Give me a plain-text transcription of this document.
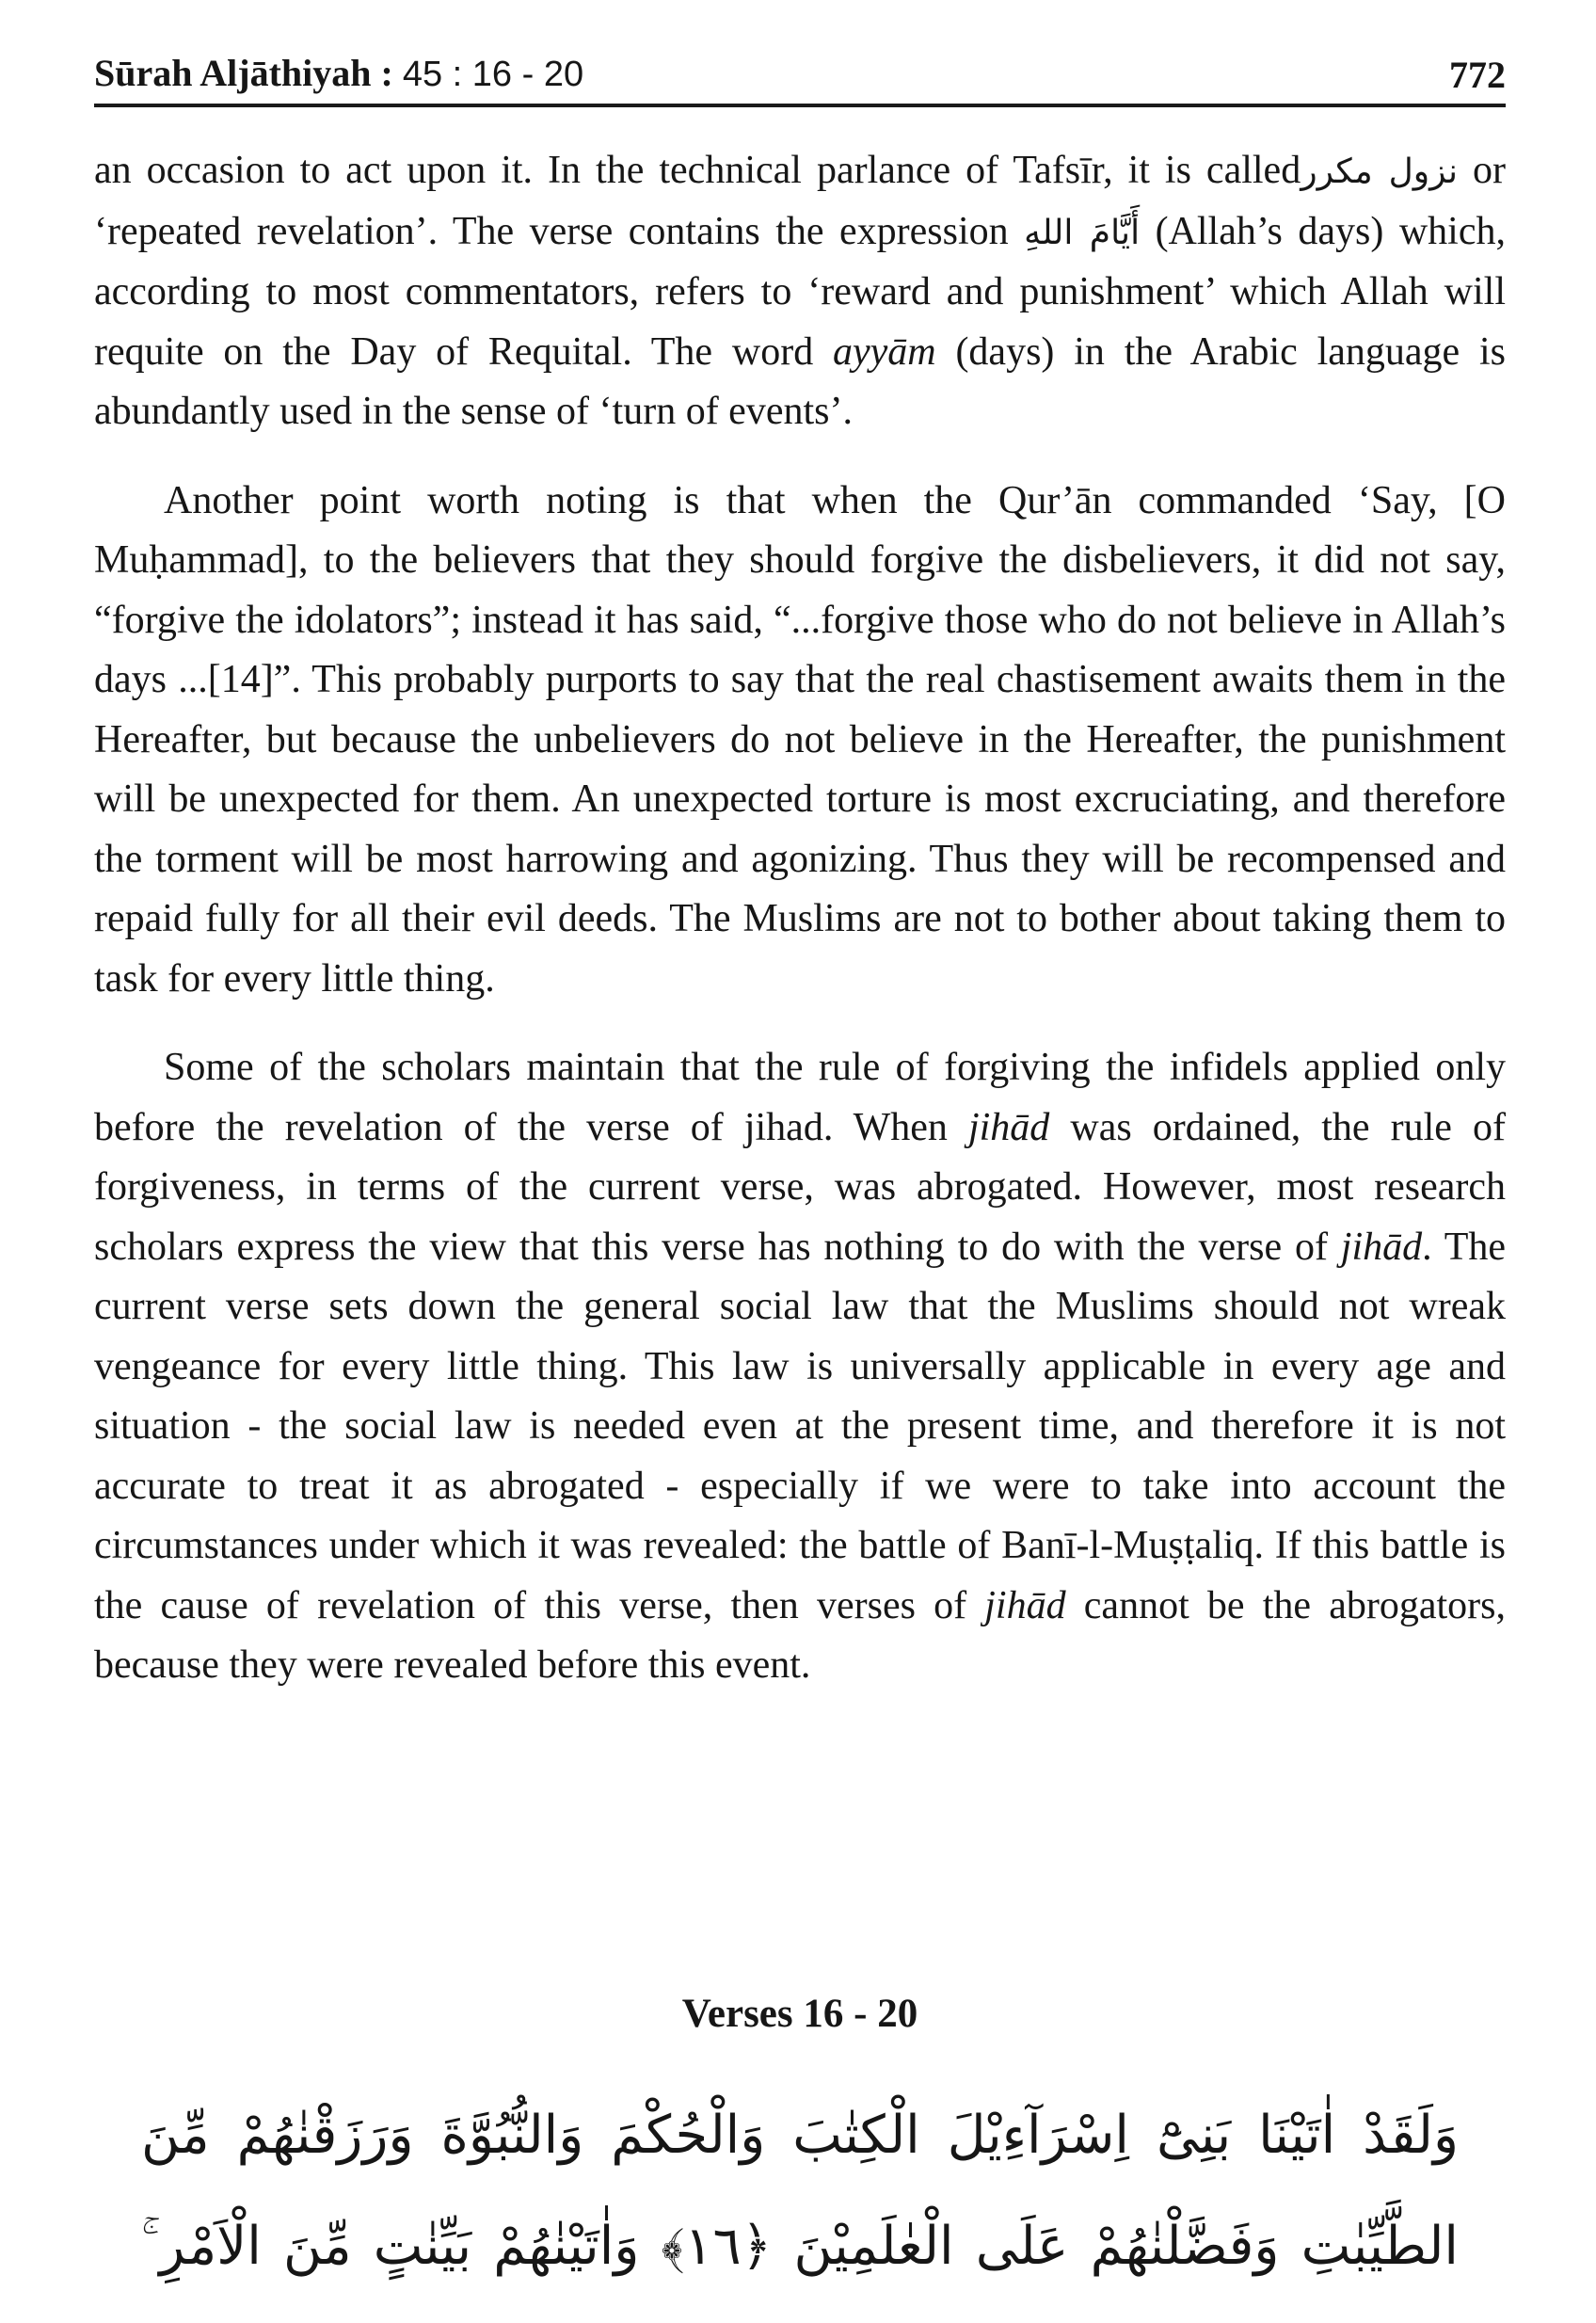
Sūrah Aljāthiyah : 45 : 16 - 20	772

an occasion to act upon it. In the technical parlance of Tafsīr, it is calledنزول مکرر or ‘repeated revelation’. The verse contains the expression أَيَّامَ اللهِ (Allah’s days) which, according to most commentators, refers to ‘reward and punishment’ which Allah will requite on the Day of Requital. The word ayyām (days) in the Arabic language is abundantly used in the sense of ‘turn of events’.

Another point worth noting is that when the Qur’ān commanded ‘Say, [O Muḥammad], to the believers that they should forgive the disbelievers, it did not say, “forgive the idolators”; instead it has said, “...forgive those who do not believe in Allah’s days ...[14]”. This probably purports to say that the real chastisement awaits them in the Hereafter, but because the unbelievers do not believe in the Hereafter, the punishment will be unexpected for them. An unexpected torture is most excruciating, and therefore the torment will be most harrowing and agonizing. Thus they will be recompensed and repaid fully for all their evil deeds. The Muslims are not to bother about taking them to task for every little thing.

Some of the scholars maintain that the rule of forgiving the infidels applied only before the revelation of the verse of jihad. When jihād was ordained, the rule of forgiveness, in terms of the current verse, was abrogated. However, most research scholars express the view that this verse has nothing to do with the verse of jihād. The current verse sets down the general social law that the Muslims should not wreak vengeance for every little thing. This law is universally applicable in every age and situation - the social law is needed even at the present time, and therefore it is not accurate to treat it as abrogated - especially if we were to take into account the circumstances under which it was revealed: the battle of Banī-l-Muṣṭaliq. If this battle is the cause of revelation of this verse, then verses of jihād cannot be the abrogators, because they were revealed before this event.

Verses 16 - 20
وَلَقَدْ اٰتَيْنَا بَنِىْٓ اِسْرَآءِيْلَ الْكِتٰبَ وَالْحُكْمَ وَالنُّبُوَّةَ وَرَزَقْنٰهُمْ مِّنَ
الطَّيِّبٰتِ وَفَضَّلْنٰهُمْ عَلَى الْعٰلَمِيْنَ ﴿١٦﴾ وَاٰتَيْنٰهُمْ بَيِّنٰتٍ مِّنَ الْاَمْرِ ۚ
